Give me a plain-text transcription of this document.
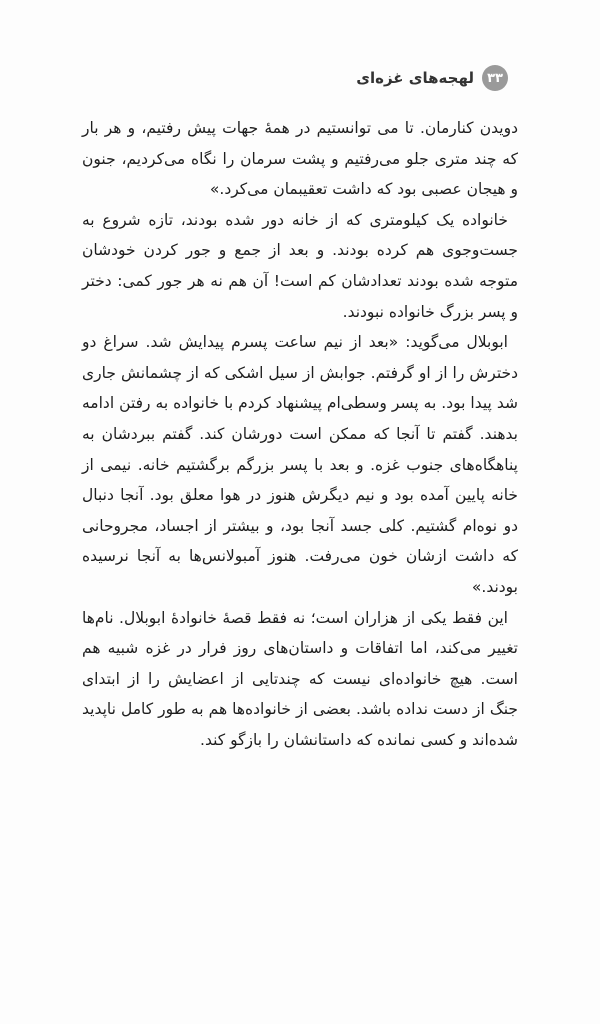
۳۳
لهجه‌های غزه‌ای

دویدن کنارمان. تا می توانستیم در همهٔ جهات پیش رفتیم، و هر بار که چند متری جلو می‌رفتیم و پشت سرمان را نگاه می‌کردیم، جنون و هیجان عصبی بود که داشت تعقیبمان می‌کرد.»

خانواده یک کیلومتری که از خانه دور شده بودند، تازه شروع به جست‌وجوی هم کرده بودند. و بعد از جمع و جور کردن خودشان متوجه شده بودند تعدادشان کم است! آن هم نه هر جور کمی: دختر و پسر بزرگ خانواده نبودند.

ابوبلال می‌گوید: «بعد از نیم ساعت پسرم پیدایش شد. سراغ دو دخترش را از او گرفتم. جوابش از سیل اشکی که از چشمانش جاری شد پیدا بود. به پسر وسطی‌ام پیشنهاد کردم با خانواده به رفتن ادامه بدهند. گفتم تا آنجا که ممکن است دورشان کند. گفتم ببردشان به پناهگاه‌های جنوب غزه. و بعد با پسر بزرگم برگشتیم خانه. نیمی از خانه پایین آمده بود و نیم دیگرش هنوز در هوا معلق بود. آنجا دنبال دو نوه‌ام گشتیم. کلی جسد آنجا بود، و بیشتر از اجساد، مجروحانی که داشت ازشان خون می‌رفت. هنوز آمبولانس‌ها به آنجا نرسیده بودند.»

این فقط یکی از هزاران است؛ نه فقط قصهٔ خانوادهٔ ابوبلال. نام‌ها تغییر می‌کند، اما اتفاقات و داستان‌های روز فرار در غزه شبیه هم است. هیچ خانواده‌ای نیست که چندتایی از اعضایش را از ابتدای جنگ از دست نداده باشد. بعضی از خانواده‌ها هم به طور کامل ناپدید شده‌اند و کسی نمانده که داستانشان را بازگو کند.
